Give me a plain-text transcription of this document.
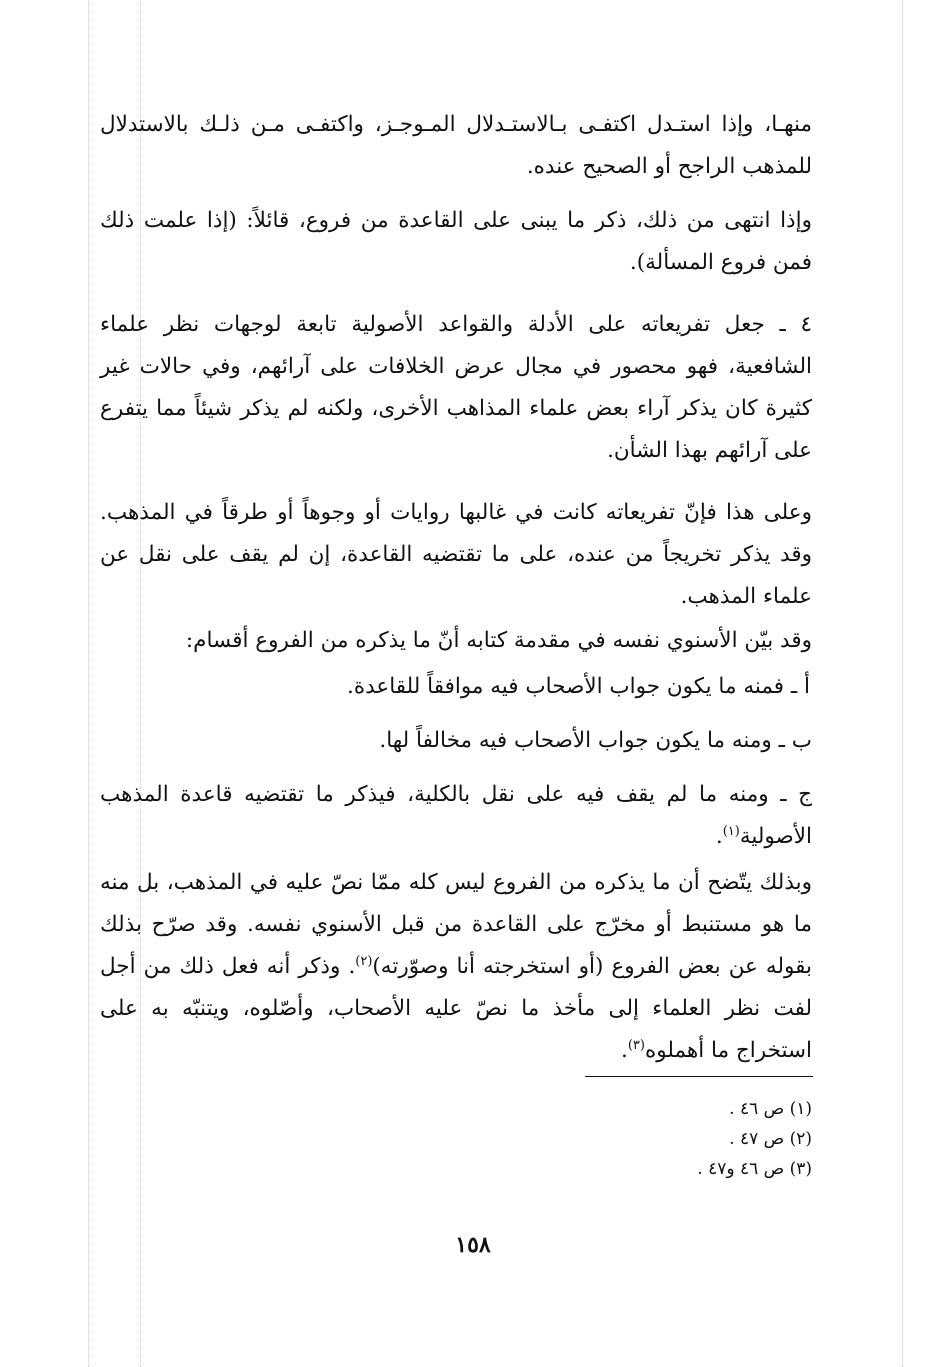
منهـا، وإذا استـدل اكتفـى بـالاستـدلال المـوجـز، واكتفـى مـن ذلـك بالاستدلال للمذهب الراجح أو الصحيح عنده.

وإذا انتهى من ذلك، ذكر ما يبنى على القاعدة من فروع، قائلاً: (إذا علمت ذلك فمن فروع المسألة).

٤ ـ جعل تفريعاته على الأدلة والقواعد الأصولية تابعة لوجهات نظر علماء الشافعية، فهو محصور في مجال عرض الخلافات على آرائهم، وفي حالات غير كثيرة كان يذكر آراء بعض علماء المذاهب الأخرى، ولكنه لم يذكر شيئاً مما يتفرع على آرائهم بهذا الشأن.

وعلى هذا فإنّ تفريعاته كانت في غالبها روايات أو وجوهاً أو طرقاً في المذهب. وقد يذكر تخريجاً من عنده، على ما تقتضيه القاعدة، إن لم يقف على نقل عن علماء المذهب.

وقد بيّن الأسنوي نفسه في مقدمة كتابه أنّ ما يذكره من الفروع أقسام:

أ ـ فمنه ما يكون جواب الأصحاب فيه موافقاً للقاعدة.

ب ـ ومنه ما يكون جواب الأصحاب فيه مخالفاً لها.

ج ـ ومنه ما لم يقف فيه على نقل بالكلية، فيذكر ما تقتضيه قاعدة المذهب الأصولية$^{(١)}$.

وبذلك يتّضح أن ما يذكره من الفروع ليس كله ممّا نصّ عليه في المذهب، بل منه ما هو مستنبط أو مخرّج على القاعدة من قبل الأسنوي نفسه. وقد صرّح بذلك بقوله عن بعض الفروع (أو استخرجته أنا وصوّرته)$^{(٢)}$. وذكر أنه فعل ذلك من أجل لفت نظر العلماء إلى مأخذ ما نصّ عليه الأصحاب، وأصّلوه، ويتنبّه به على استخراج ما أهملوه$^{(٣)}$.

(١) ص ٤٦ .
(٢) ص ٤٧ .
(٣) ص ٤٦ و٤٧ .
١٥٨
